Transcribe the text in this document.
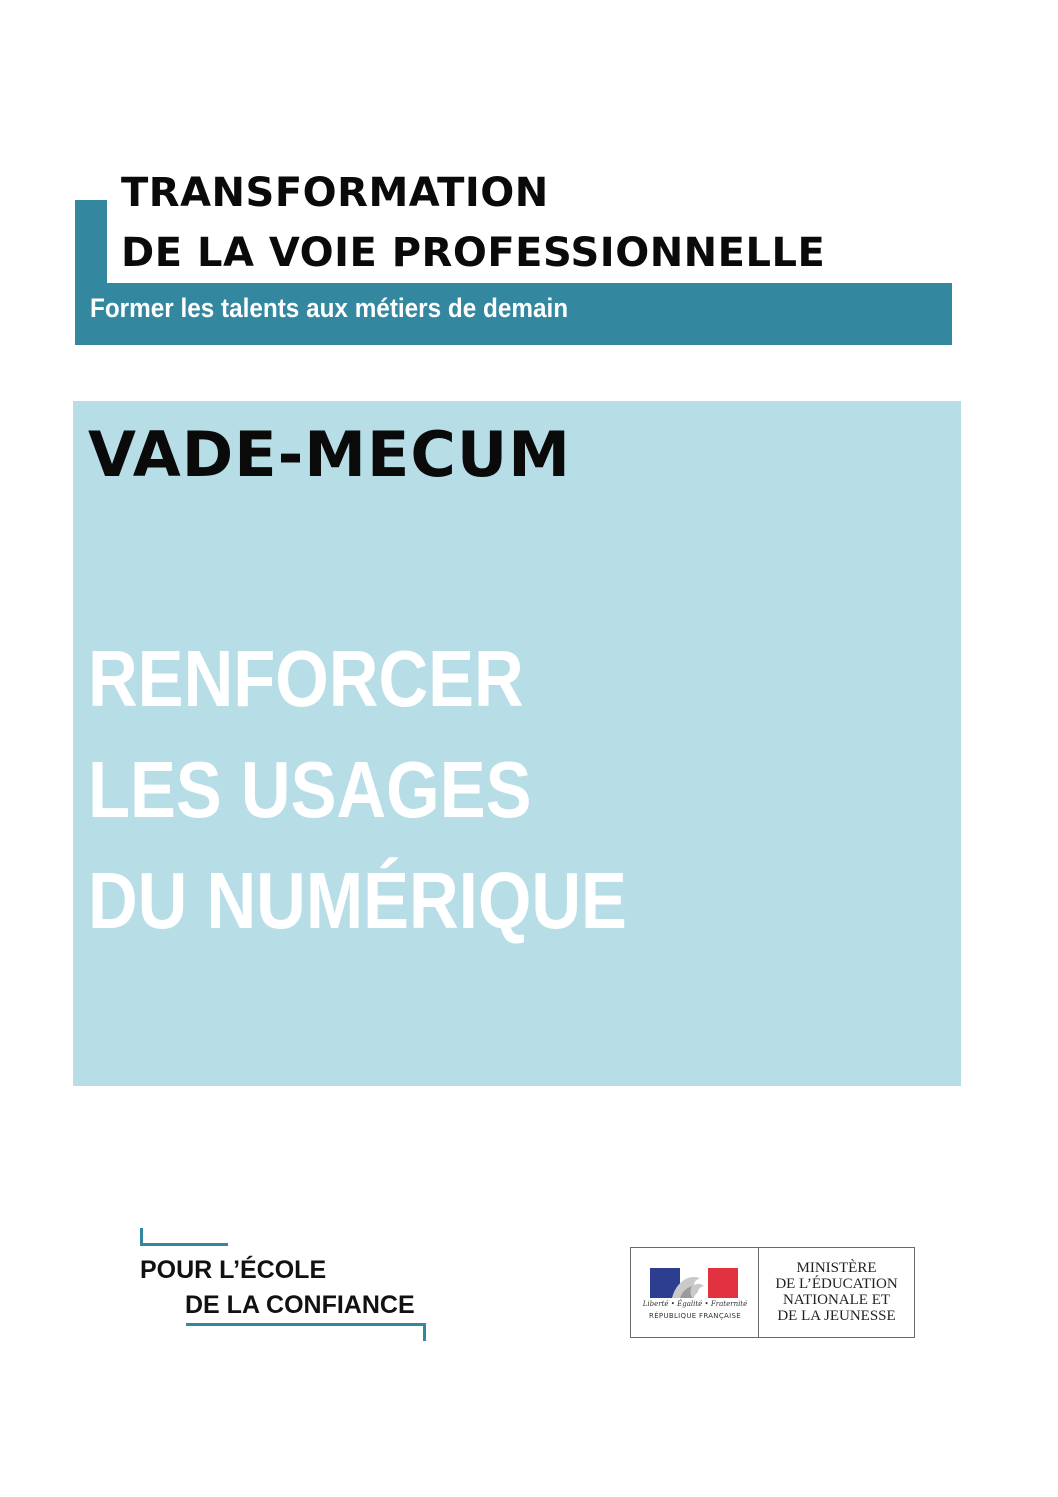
TRANSFORMATION
DE LA VOIE PROFESSIONNELLE
Former les talents aux métiers de demain
VADE-MECUM
RENFORCER
LES USAGES
DU NUMÉRIQUE
POUR L’ÉCOLE
DE LA CONFIANCE	Liberté • Égalité • Fraternité
RÉPUBLIQUE FRANÇAISE
MINISTÈRE
DE L’ÉDUCATION
NATIONALE ET
DE LA JEUNESSE
